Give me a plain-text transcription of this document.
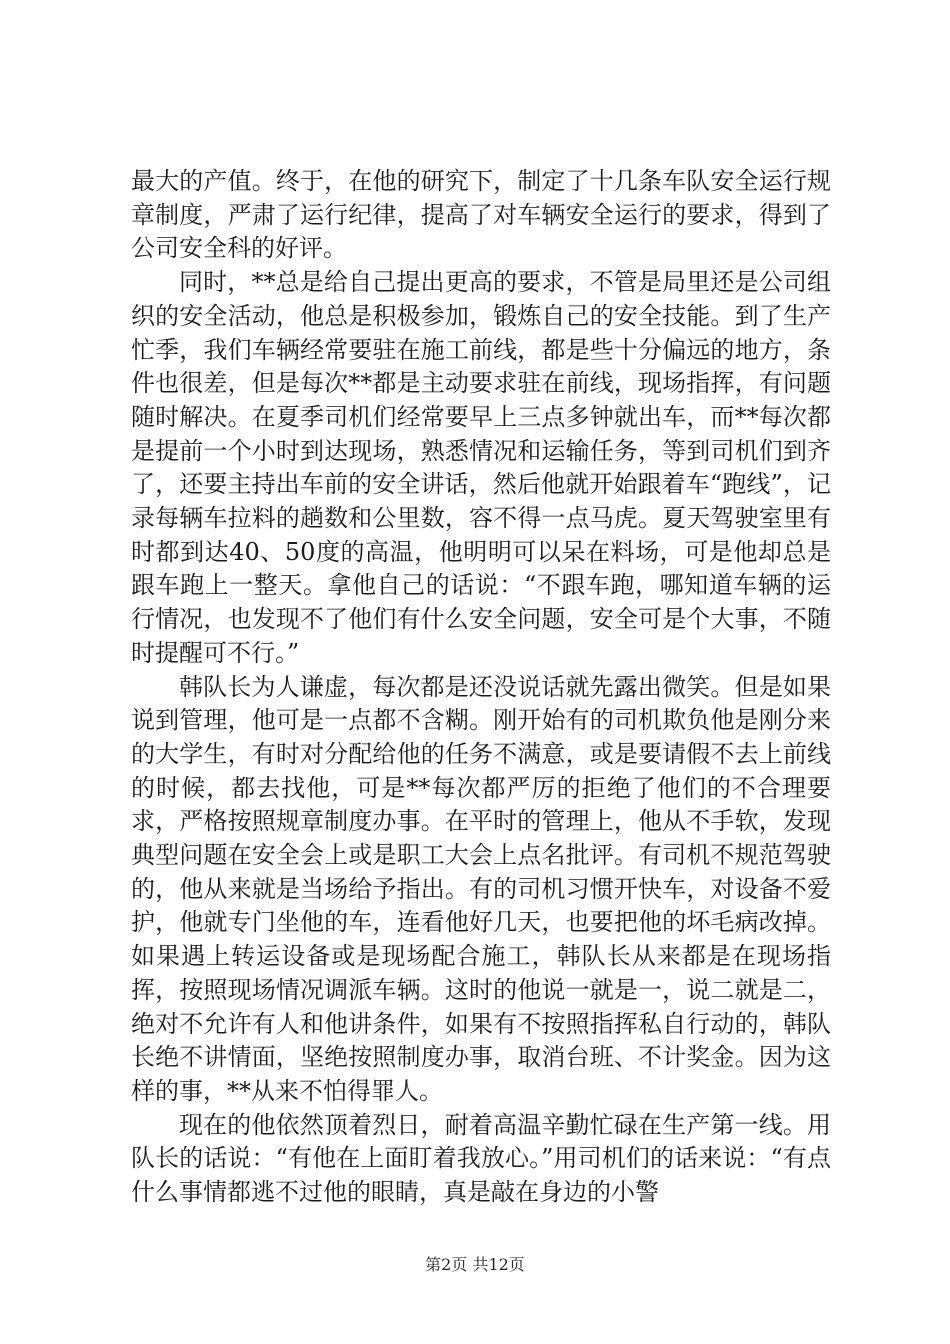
最大的产值。终于，在他的研究下，制定了十几条车队安全运行规章制度，严肃了运行纪律，提高了对车辆安全运行的要求，得到了公司安全科的好评。

同时，**总是给自己提出更高的要求，不管是局里还是公司组织的安全活动，他总是积极参加，锻炼自己的安全技能。到了生产忙季，我们车辆经常要驻在施工前线，都是些十分偏远的地方，条件也很差，但是每次**都是主动要求驻在前线，现场指挥，有问题随时解决。在夏季司机们经常要早上三点多钟就出车，而**每次都是提前一个小时到达现场，熟悉情况和运输任务，等到司机们到齐了，还要主持出车前的安全讲话，然后他就开始跟着车“跑线”，记录每辆车拉料的趟数和公里数，容不得一点马虎。夏天驾驶室里有时都到达40、50度的高温，他明明可以呆在料场，可是他却总是跟车跑上一整天。拿他自己的话说：“不跟车跑，哪知道车辆的运行情况，也发现不了他们有什么安全问题，安全可是个大事，不随时提醒可不行。”

韩队长为人谦虚，每次都是还没说话就先露出微笑。但是如果说到管理，他可是一点都不含糊。刚开始有的司机欺负他是刚分来的大学生，有时对分配给他的任务不满意，或是要请假不去上前线的时候，都去找他，可是**每次都严厉的拒绝了他们的不合理要求，严格按照规章制度办事。在平时的管理上，他从不手软，发现典型问题在安全会上或是职工大会上点名批评。有司机不规范驾驶的，他从来就是当场给予指出。有的司机习惯开快车，对设备不爱护，他就专门坐他的车，连看他好几天，也要把他的坏毛病改掉。如果遇上转运设备或是现场配合施工，韩队长从来都是在现场指挥，按照现场情况调派车辆。这时的他说一就是一，说二就是二，绝对不允许有人和他讲条件，如果有不按照指挥私自行动的，韩队长绝不讲情面，坚绝按照制度办事，取消台班、不计奖金。因为这样的事，**从来不怕得罪人。

现在的他依然顶着烈日，耐着高温辛勤忙碌在生产第一线。用队长的话说：“有他在上面盯着我放心。”用司机们的话来说：“有点什么事情都逃不过他的眼睛，真是敲在身边的小警

第2页 共12页
